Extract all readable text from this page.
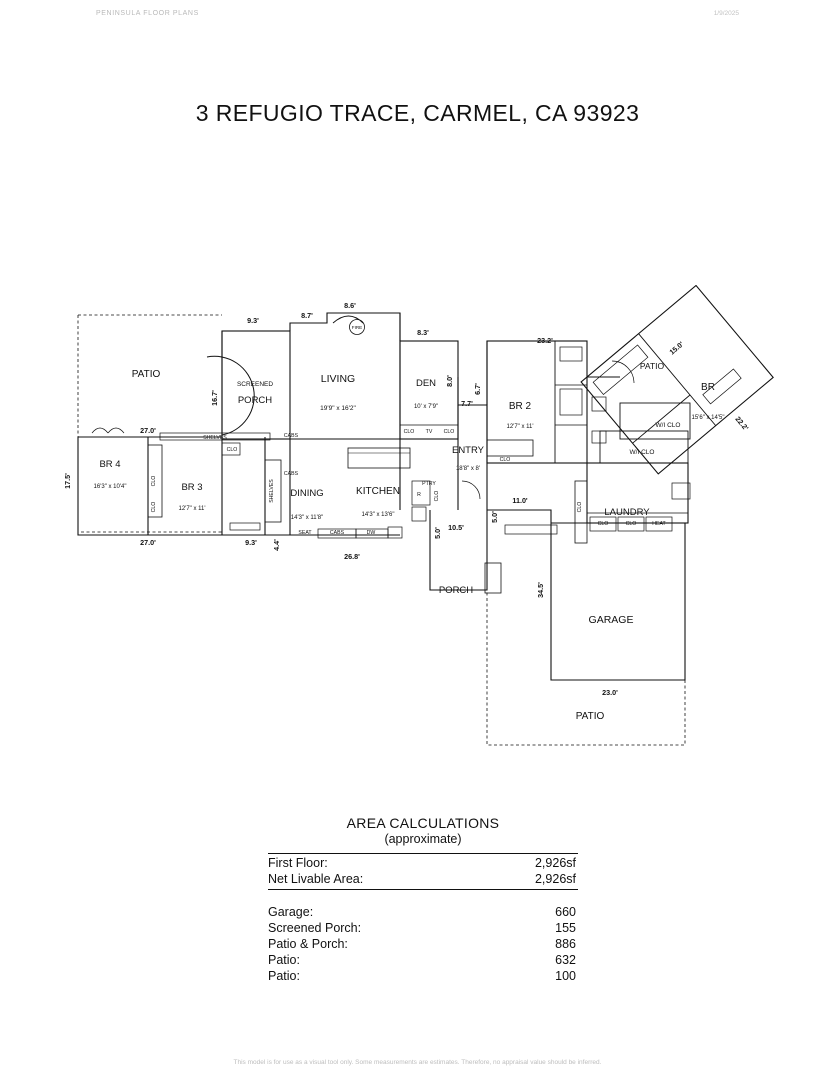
PENINSULA FLOOR PLANS	1/9/2025
3 REFUGIO TRACE, CARMEL, CA 93923
PATIO
SCREENED
PORCH
LIVING
19'9" x 16'2"
DEN
10' x 7'9"	BR 2
12'7" x 11'
PATIO
BR
15'6" x 14'5"
W/I CLO
W/I CLO
BR 4
16'3" x 10'4"	BR 3
12'7" x 11'
DINING
14'3" x 11'8"
KITCHEN
14'3" x 13'6"
ENTRY
18'8" x 8'
LAUNDRY
PORCH
GARAGE
PATIO
SHELVES
SHELVES
CABS
CABS
CABS
SEAT	DW
R
PTRY
FIRE
CLO TV CLO
CLO
CLO
CLO
CLO
CLO
CLO	CLO	HEAT
CLO
9.3'
8.7'
8.6'
8.3'
23.2'	15.0'
22.2'
16.7'
8.0'
6.7'
7.7'
27.0'
17.5'
27.0'	9.3' 4.4'
26.8'
10.5'
5.0'
5.0'
11.0'
34.5'
23.0'
AREA CALCULATIONS
(approximate)
First Floor:	2,926sf
Net Livable Area:	2,926sf

Garage:	660
Screened Porch:	155
Patio & Porch:	886
Patio:	632
Patio:	100
This model is for use as a visual tool only. Some measurements are estimates. Therefore, no appraisal value should be inferred.
